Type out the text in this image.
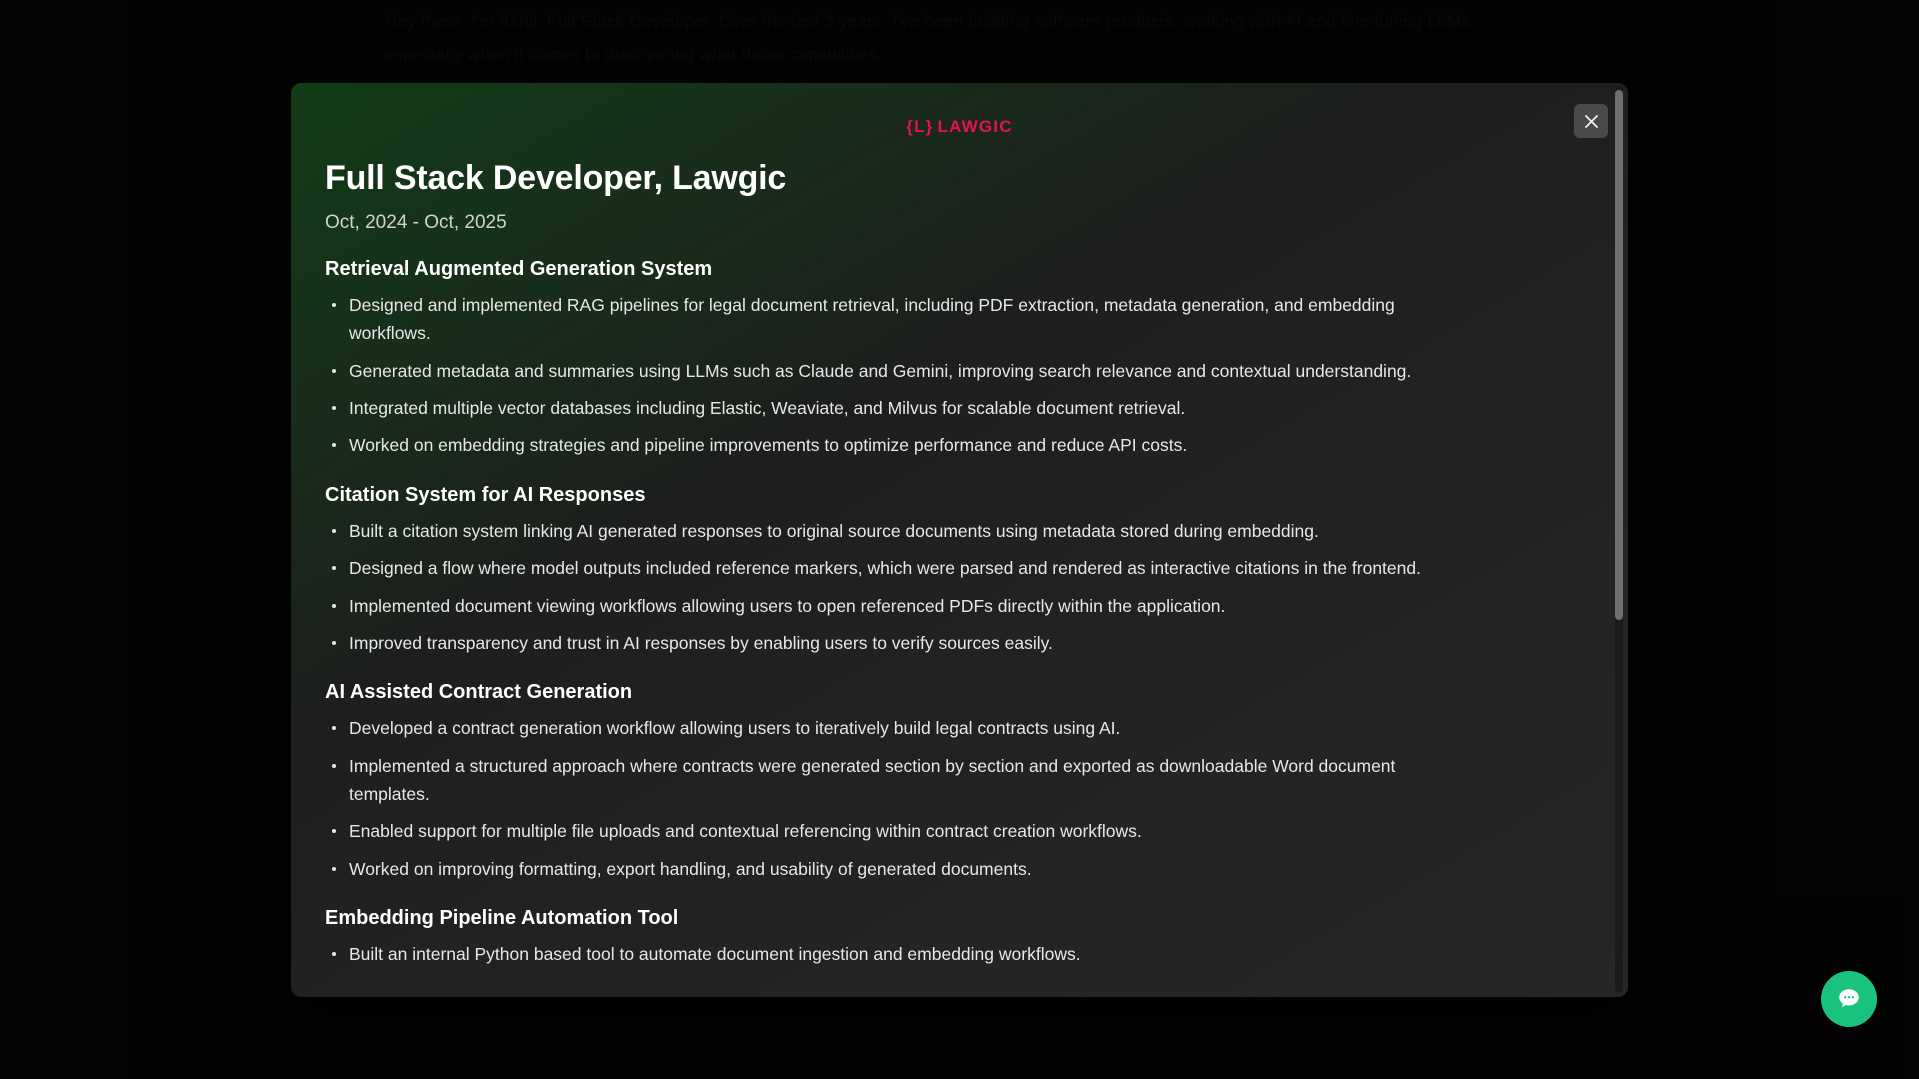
{L} LAWGIC
Full Stack Developer, Lawgic
Oct, 2024 - Oct, 2025
Retrieval Augmented Generation System
Designed and implemented RAG pipelines for legal document retrieval, including PDF extraction, metadata generation, and embedding workflows.
Generated metadata and summaries using LLMs such as Claude and Gemini, improving search relevance and contextual understanding.
Integrated multiple vector databases including Elastic, Weaviate, and Milvus for scalable document retrieval.
Worked on embedding strategies and pipeline improvements to optimize performance and reduce API costs.
Citation System for AI Responses
Built a citation system linking AI generated responses to original source documents using metadata stored during embedding.
Designed a flow where model outputs included reference markers, which were parsed and rendered as interactive citations in the frontend.
Implemented document viewing workflows allowing users to open referenced PDFs directly within the application.
Improved transparency and trust in AI responses by enabling users to verify sources easily.
AI Assisted Contract Generation
Developed a contract generation workflow allowing users to iteratively build legal contracts using AI.
Implemented a structured approach where contracts were generated section by section and exported as downloadable Word document templates.
Enabled support for multiple file uploads and contextual referencing within contract creation workflows.
Worked on improving formatting, export handling, and usability of generated documents.
Embedding Pipeline Automation Tool
Built an internal Python based tool to automate document ingestion and embedding workflows.
